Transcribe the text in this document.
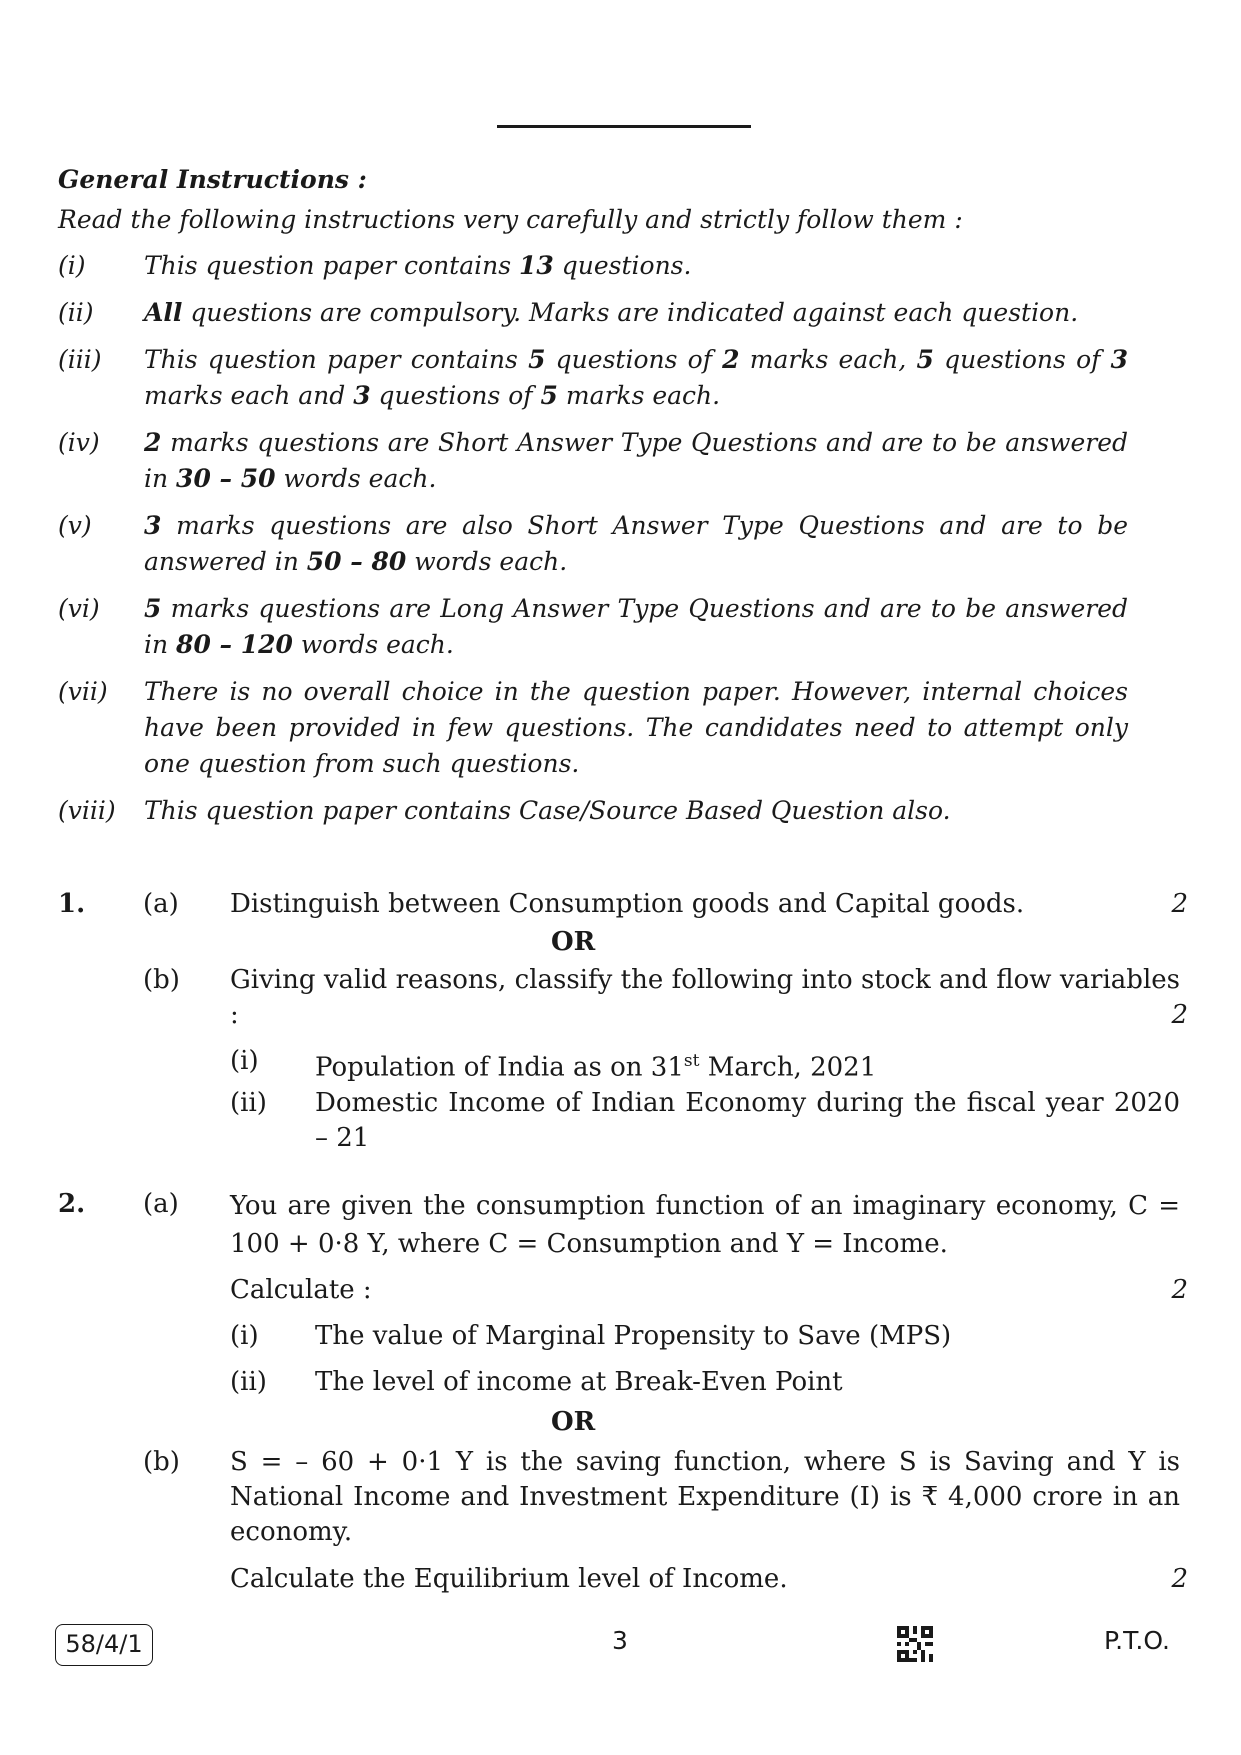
General Instructions :
Read the following instructions very carefully and strictly follow them :
(i)	This question paper contains 13 questions.
(ii)	All questions are compulsory. Marks are indicated against each question.
(iii)	This question paper contains 5 questions of 2 marks each, 5 questions of 3 marks each and 3 questions of 5 marks each.
(iv)	2 marks questions are Short Answer Type Questions and are to be answered in 30 – 50 words each.
(v)	3 marks questions are also Short Answer Type Questions and are to be answered in 50 – 80 words each.
(vi)	5 marks questions are Long Answer Type Questions and are to be answered in 80 – 120 words each.
(vii)	There is no overall choice in the question paper. However, internal choices have been provided in few questions. The candidates need to attempt only one question from such questions.
(viii)	This question paper contains Case/Source Based Question also.
1. (a) Distinguish between Consumption goods and Capital goods.	2
OR
(b) Giving valid reasons, classify the following into stock and flow variables :	2
(i) Population of India as on 31st March, 2021
(ii) Domestic Income of Indian Economy during the fiscal year 2020 – 21
2. (a) You are given the consumption function of an imaginary economy, C = 100 + 0·8 Y, where C = Consumption and Y = Income.
Calculate :	2
(i) The value of Marginal Propensity to Save (MPS)
(ii) The level of income at Break-Even Point
OR
(b) S = – 60 + 0·1 Y is the saving function, where S is Saving and Y is National Income and Investment Expenditure (I) is ₹ 4,000 crore in an economy.
Calculate the Equilibrium level of Income.	2
58/4/1	3	P.T.O.
